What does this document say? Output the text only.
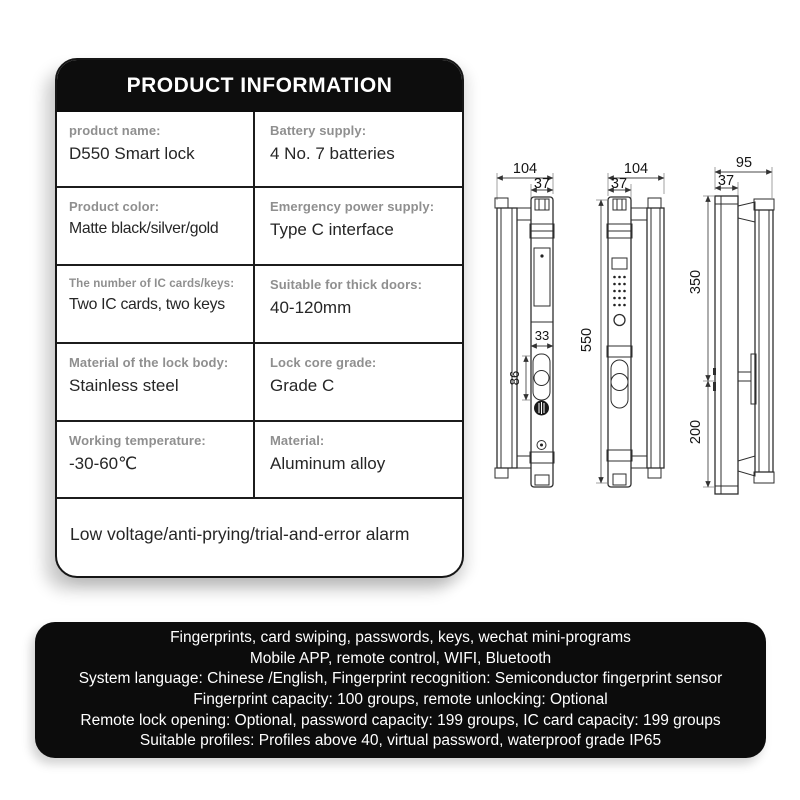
PRODUCT INFORMATION
product name:
D550 Smart lock
Battery supply:
4 No. 7 batteries
Product color:
Matte black/silver/gold
Emergency power supply:
Type C interface
The number of IC cards/keys:
Two IC cards, two keys
Suitable for thick doors:
40-120mm
Material of the lock body:
Stainless steel
Lock core grade:
Grade C
Working temperature:
-30-60℃
Material:
Aluminum alloy
Low voltage/anti-prying/trial-and-error alarm
104
37
33
86
104
37
550
95
37
350
200
Fingerprints, card swiping, passwords, keys, wechat mini-programs
Mobile APP, remote control, WIFI, Bluetooth
System language: Chinese /English, Fingerprint recognition: Semiconductor fingerprint sensor
Fingerprint capacity: 100 groups, remote unlocking: Optional
Remote lock opening: Optional, password capacity: 199 groups, IC card capacity: 199 groups
Suitable profiles: Profiles above 40, virtual password, waterproof grade IP65
